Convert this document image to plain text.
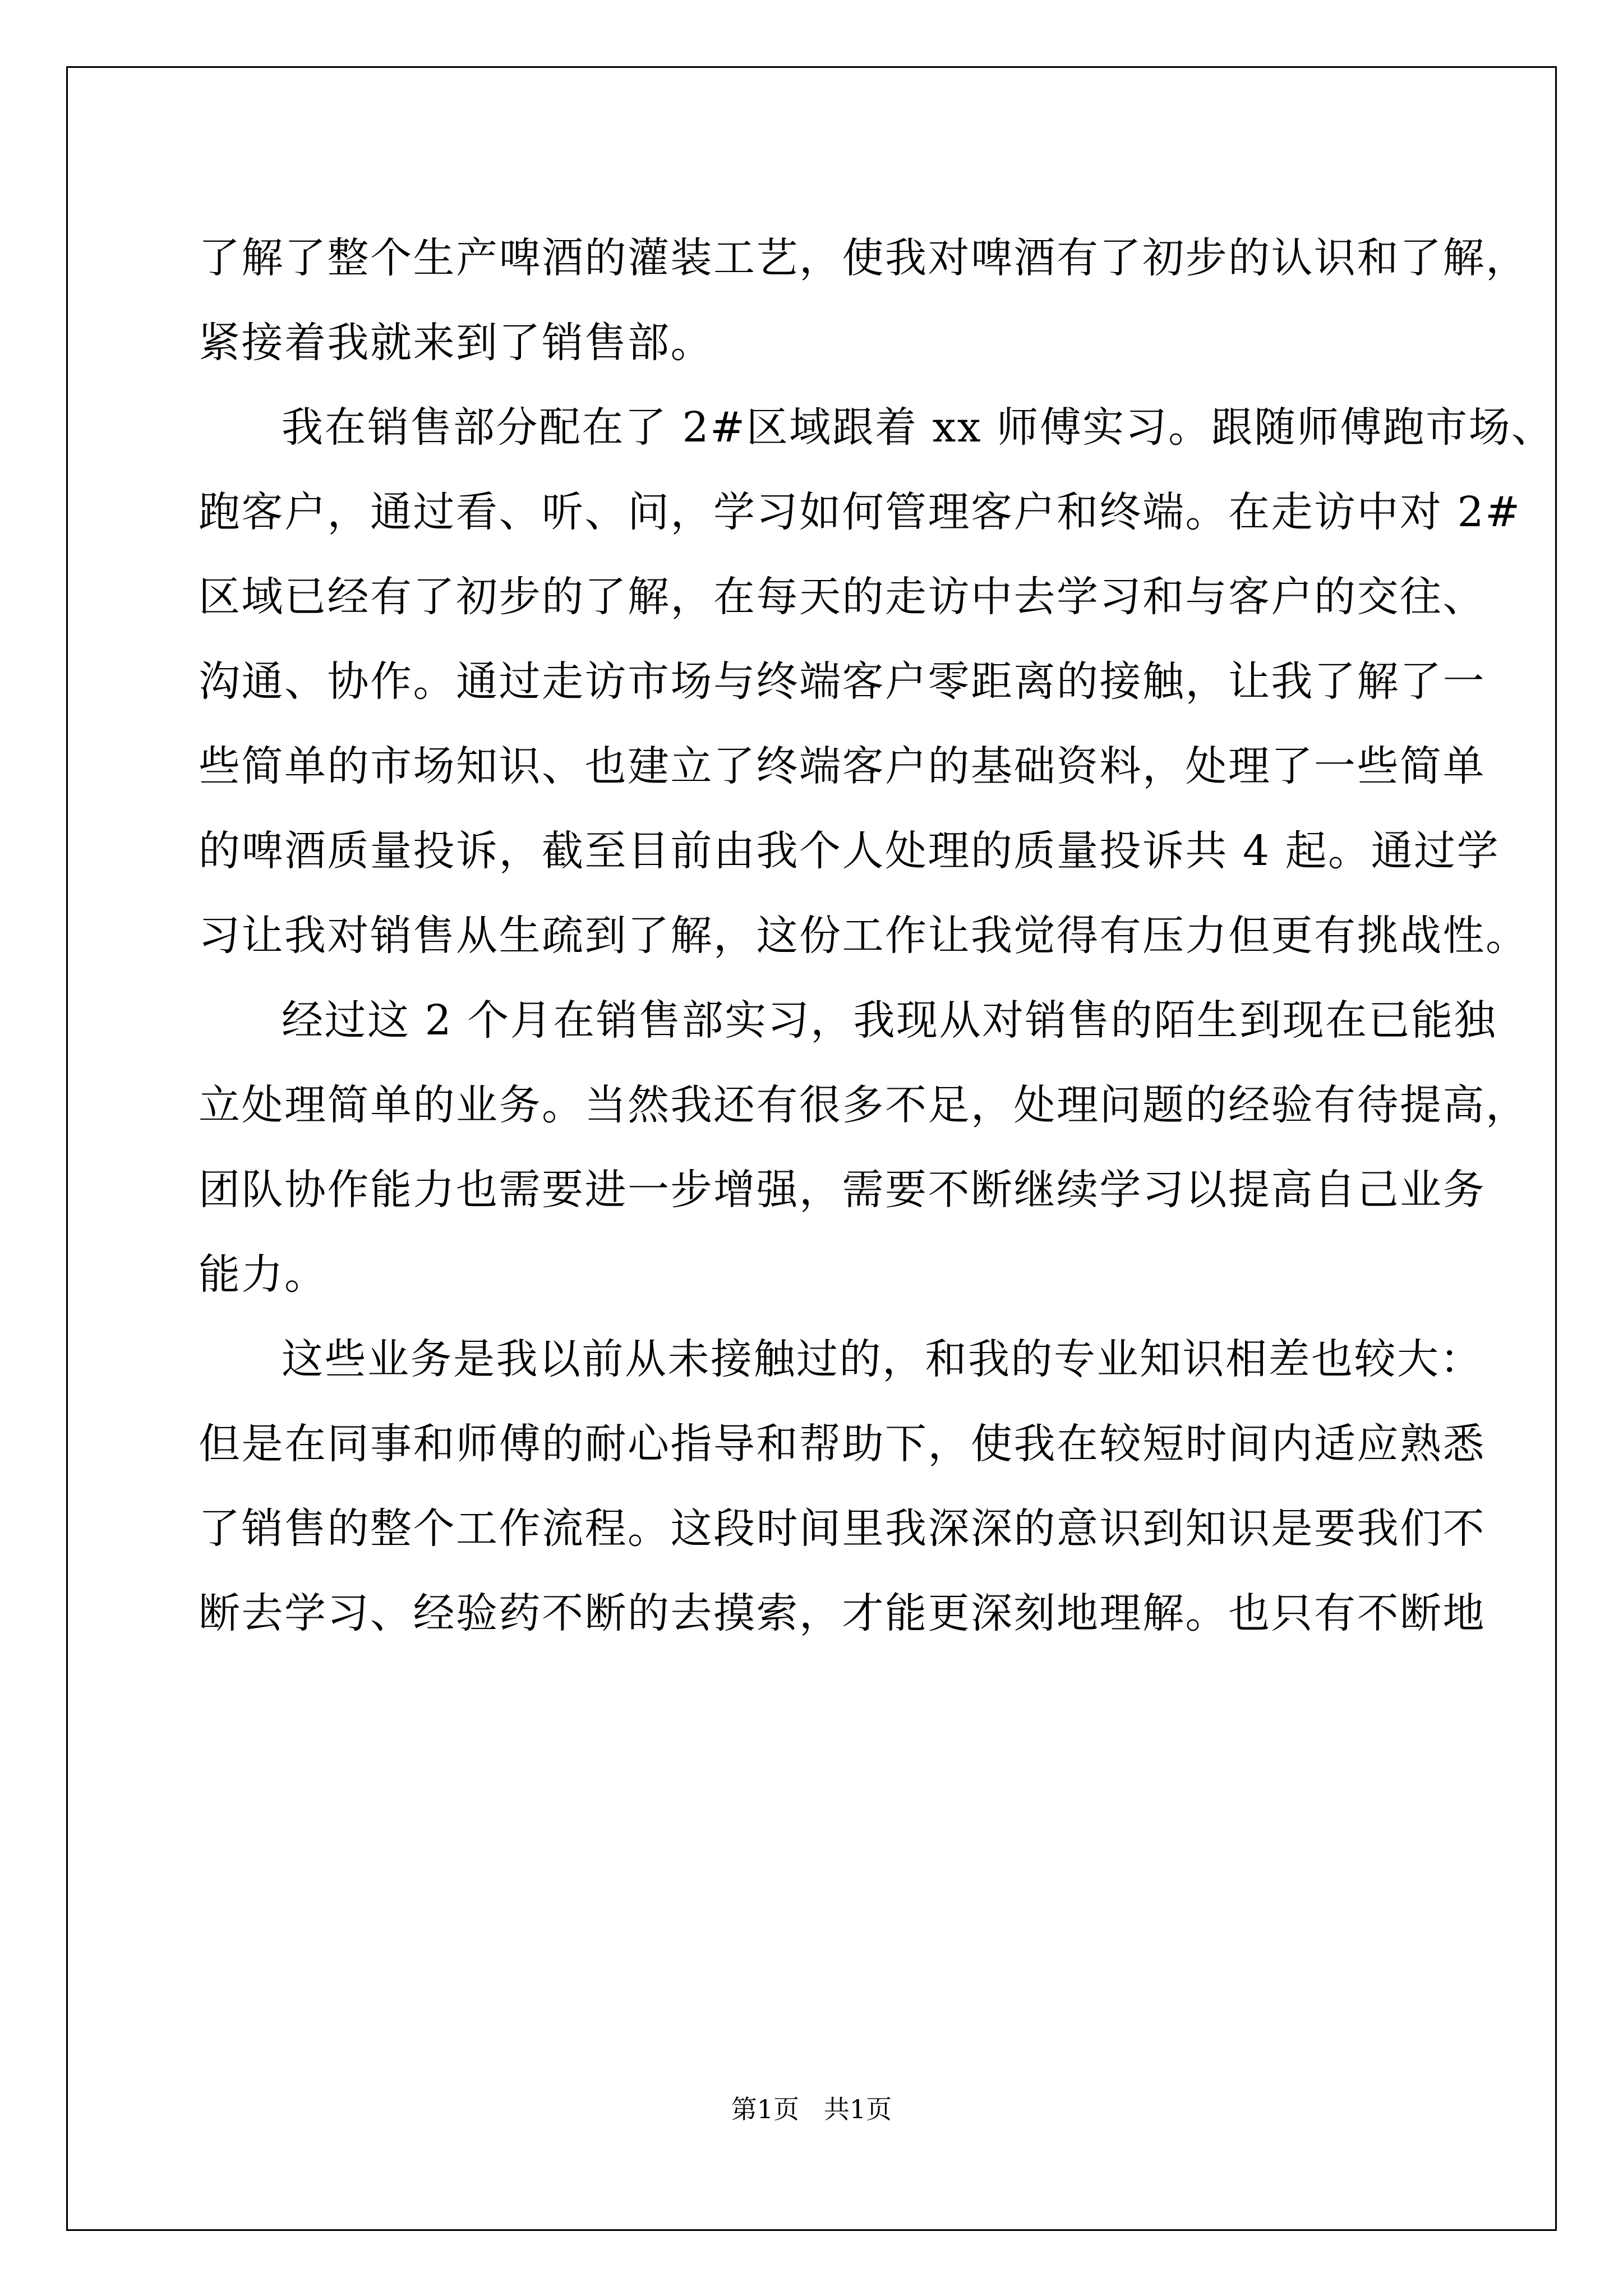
了解了整个生产啤酒的灌装工艺，使我对啤酒有了初步的认识和了解，
紧接着我就来到了销售部。
我在销售部分配在了 2#区域跟着 xx 师傅实习。跟随师傅跑市场、
跑客户，通过看、听、问，学习如何管理客户和终端。在走访中对 2#
区域已经有了初步的了解，在每天的走访中去学习和与客户的交往、
沟通、协作。通过走访市场与终端客户零距离的接触，让我了解了一
些简单的市场知识、也建立了终端客户的基础资料，处理了一些简单
的啤酒质量投诉，截至目前由我个人处理的质量投诉共 4 起。通过学
习让我对销售从生疏到了解，这份工作让我觉得有压力但更有挑战性。
经过这 2 个月在销售部实习，我现从对销售的陌生到现在已能独
立处理简单的业务。当然我还有很多不足，处理问题的经验有待提高，
团队协作能力也需要进一步增强，需要不断继续学习以提高自己业务
能力。
这些业务是我以前从未接触过的，和我的专业知识相差也较大：
但是在同事和师傅的耐心指导和帮助下，使我在较短时间内适应熟悉
了销售的整个工作流程。这段时间里我深深的意识到知识是要我们不
断去学习、经验药不断的去摸索，才能更深刻地理解。也只有不断地
第1页   共1页
